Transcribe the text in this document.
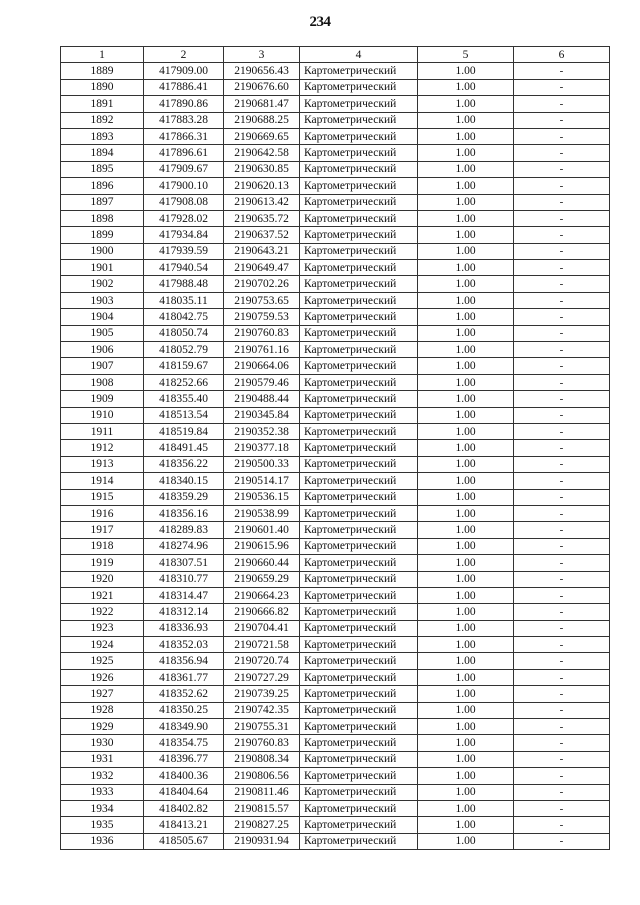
234
1	2	3	4	5	6
1889	417909.00	2190656.43	Картометрический	1.00	-
1890	417886.41	2190676.60	Картометрический	1.00	-
1891	417890.86	2190681.47	Картометрический	1.00	-
1892	417883.28	2190688.25	Картометрический	1.00	-
1893	417866.31	2190669.65	Картометрический	1.00	-
1894	417896.61	2190642.58	Картометрический	1.00	-
1895	417909.67	2190630.85	Картометрический	1.00	-
1896	417900.10	2190620.13	Картометрический	1.00	-
1897	417908.08	2190613.42	Картометрический	1.00	-
1898	417928.02	2190635.72	Картометрический	1.00	-
1899	417934.84	2190637.52	Картометрический	1.00	-
1900	417939.59	2190643.21	Картометрический	1.00	-
1901	417940.54	2190649.47	Картометрический	1.00	-
1902	417988.48	2190702.26	Картометрический	1.00	-
1903	418035.11	2190753.65	Картометрический	1.00	-
1904	418042.75	2190759.53	Картометрический	1.00	-
1905	418050.74	2190760.83	Картометрический	1.00	-
1906	418052.79	2190761.16	Картометрический	1.00	-
1907	418159.67	2190664.06	Картометрический	1.00	-
1908	418252.66	2190579.46	Картометрический	1.00	-
1909	418355.40	2190488.44	Картометрический	1.00	-
1910	418513.54	2190345.84	Картометрический	1.00	-
1911	418519.84	2190352.38	Картометрический	1.00	-
1912	418491.45	2190377.18	Картометрический	1.00	-
1913	418356.22	2190500.33	Картометрический	1.00	-
1914	418340.15	2190514.17	Картометрический	1.00	-
1915	418359.29	2190536.15	Картометрический	1.00	-
1916	418356.16	2190538.99	Картометрический	1.00	-
1917	418289.83	2190601.40	Картометрический	1.00	-
1918	418274.96	2190615.96	Картометрический	1.00	-
1919	418307.51	2190660.44	Картометрический	1.00	-
1920	418310.77	2190659.29	Картометрический	1.00	-
1921	418314.47	2190664.23	Картометрический	1.00	-
1922	418312.14	2190666.82	Картометрический	1.00	-
1923	418336.93	2190704.41	Картометрический	1.00	-
1924	418352.03	2190721.58	Картометрический	1.00	-
1925	418356.94	2190720.74	Картометрический	1.00	-
1926	418361.77	2190727.29	Картометрический	1.00	-
1927	418352.62	2190739.25	Картометрический	1.00	-
1928	418350.25	2190742.35	Картометрический	1.00	-
1929	418349.90	2190755.31	Картометрический	1.00	-
1930	418354.75	2190760.83	Картометрический	1.00	-
1931	418396.77	2190808.34	Картометрический	1.00	-
1932	418400.36	2190806.56	Картометрический	1.00	-
1933	418404.64	2190811.46	Картометрический	1.00	-
1934	418402.82	2190815.57	Картометрический	1.00	-
1935	418413.21	2190827.25	Картометрический	1.00	-
1936	418505.67	2190931.94	Картометрический	1.00	-
